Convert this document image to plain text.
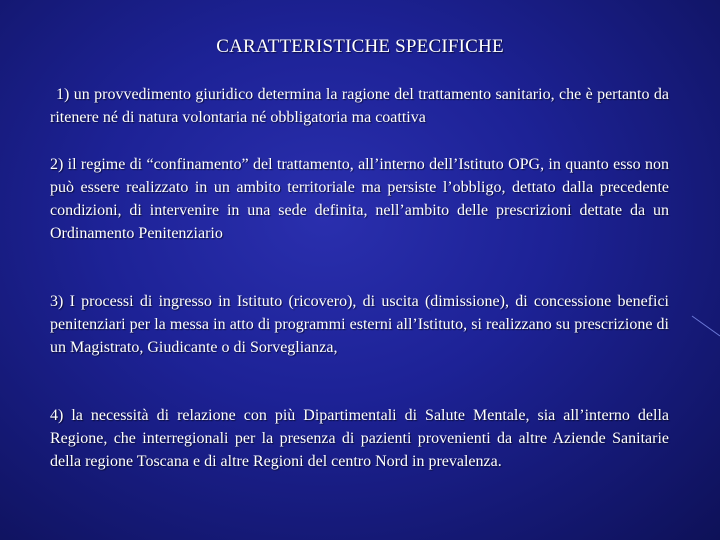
CARATTERISTICHE SPECIFICHE

1) un provvedimento giuridico determina la ragione del trattamento sanitario, che è pertanto da ritenere né di natura volontaria né obbligatoria ma coattiva

2) il regime di “confinamento” del trattamento, all’interno dell’Istituto OPG, in quanto esso non può essere realizzato in un ambito territoriale ma persiste l’obbligo, dettato dalla precedente condizioni, di intervenire in una sede definita, nell’ambito delle prescrizioni dettate da un Ordinamento Penitenziario

3) I processi di ingresso in Istituto (ricovero), di uscita (dimissione), di concessione benefici penitenziari per la messa in atto di programmi esterni all’Istituto, si realizzano su prescrizione di un Magistrato, Giudicante o di Sorveglianza,

4) la necessità di relazione con più Dipartimentali di Salute Mentale, sia all’interno della Regione, che interregionali per la presenza di pazienti provenienti da altre Aziende Sanitarie della regione Toscana e di altre Regioni del centro Nord in prevalenza.
